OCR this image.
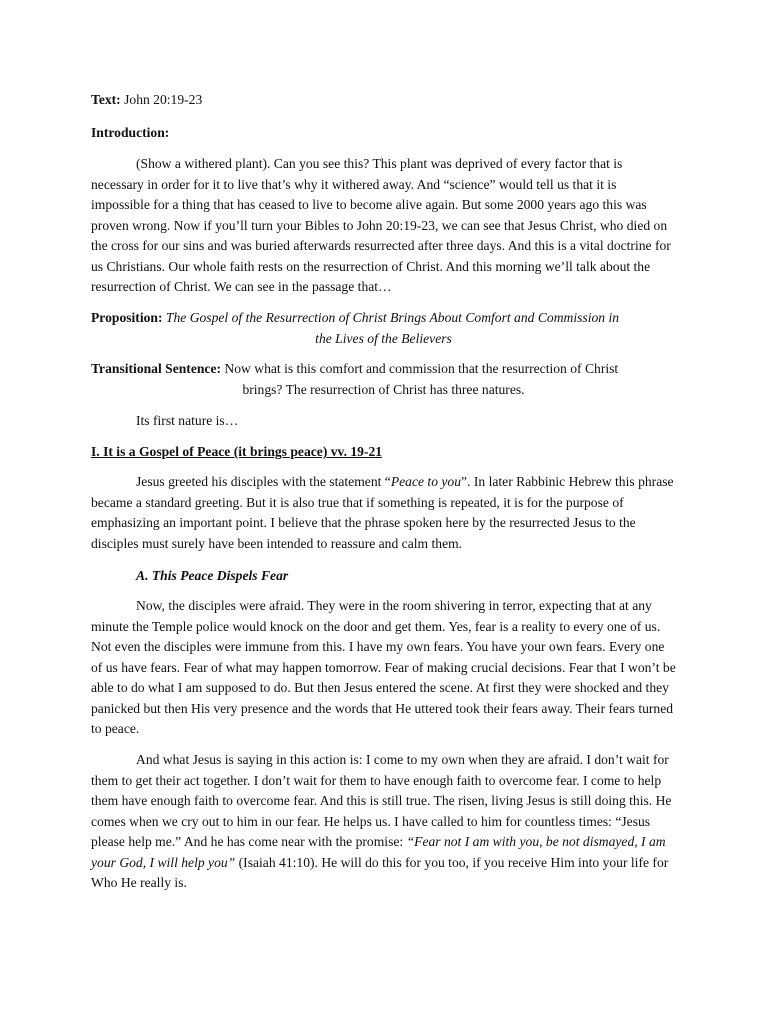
Text: John 20:19-23

Introduction:

(Show a withered plant). Can you see this? This plant was deprived of every factor that is necessary in order for it to live that’s why it withered away. And “science” would tell us that it is impossible for a thing that has ceased to live to become alive again. But some 2000 years ago this was proven wrong. Now if you’ll turn your Bibles to John 20:19-23, we can see that Jesus Christ, who died on the cross for our sins and was buried afterwards resurrected after three days. And this is a vital doctrine for us Christians. Our whole faith rests on the resurrection of Christ. And this morning we’ll talk about the resurrection of Christ. We can see in the passage that…

Proposition: The Gospel of the Resurrection of Christ Brings About Comfort and Commission in

the Lives of the Believers

Transitional Sentence: Now what is this comfort and commission that the resurrection of Christ

brings? The resurrection of Christ has three natures.

Its first nature is…

I. It is a Gospel of Peace (it brings peace) vv. 19-21

Jesus greeted his disciples with the statement “Peace to you”. In later Rabbinic Hebrew this phrase became a standard greeting. But it is also true that if something is repeated, it is for the purpose of emphasizing an important point. I believe that the phrase spoken here by the resurrected Jesus to the disciples must surely have been intended to reassure and calm them.

A. This Peace Dispels Fear

Now, the disciples were afraid. They were in the room shivering in terror, expecting that at any minute the Temple police would knock on the door and get them. Yes, fear is a reality to every one of us. Not even the disciples were immune from this. I have my own fears. You have your own fears. Every one of us have fears. Fear of what may happen tomorrow. Fear of making crucial decisions. Fear that I won’t be able to do what I am supposed to do. But then Jesus entered the scene. At first they were shocked and they panicked but then His very presence and the words that He uttered took their fears away. Their fears turned to peace.

And what Jesus is saying in this action is: I come to my own when they are afraid. I don’t wait for them to get their act together. I don’t wait for them to have enough faith to overcome fear. I come to help them have enough faith to overcome fear. And this is still true. The risen, living Jesus is still doing this. He comes when we cry out to him in our fear. He helps us. I have called to him for countless times: “Jesus please help me.” And he has come near with the promise: “Fear not I am with you, be not dismayed, I am your God, I will help you” (Isaiah 41:10). He will do this for you too, if you receive Him into your life for Who He really is.
